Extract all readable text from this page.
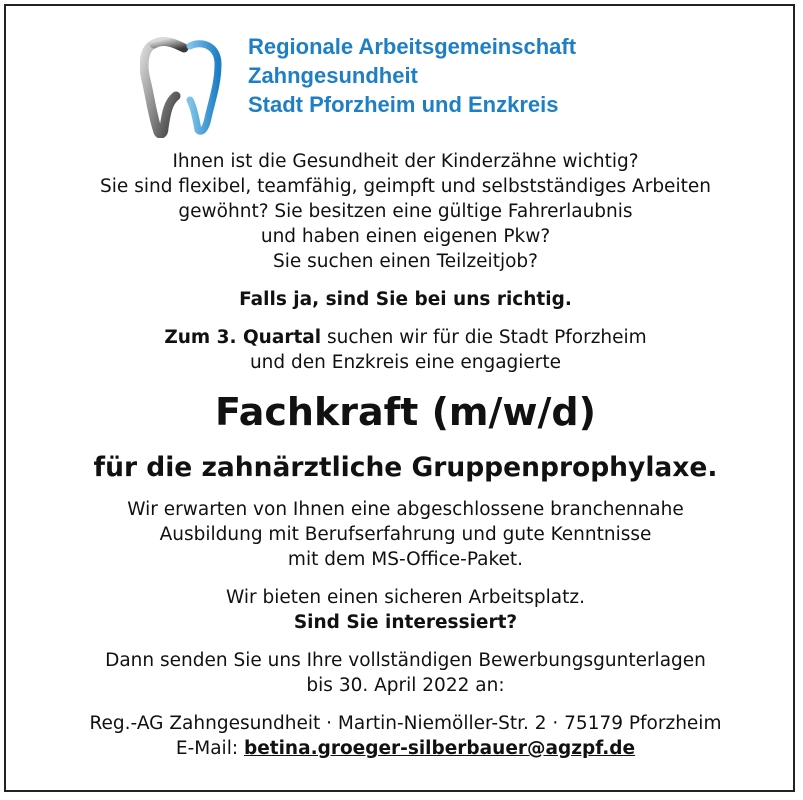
Regionale Arbeitsgemeinschaft
Zahngesundheit
Stadt Pforzheim und Enzkreis
Ihnen ist die Gesundheit der Kinderzähne wichtig?
Sie sind flexibel, teamfähig, geimpft und selbstständiges Arbeiten
gewöhnt? Sie besitzen eine gültige Fahrerlaubnis
und haben einen eigenen Pkw?
Sie suchen einen Teilzeitjob?
Falls ja, sind Sie bei uns richtig.
Zum 3. Quartal suchen wir für die Stadt Pforzheim
und den Enzkreis eine engagierte
Fachkraft (m/w/d)
für die zahnärztliche Gruppenprophylaxe.
Wir erwarten von Ihnen eine abgeschlossene branchennahe
Ausbildung mit Berufserfahrung und gute Kenntnisse
mit dem MS-Office-Paket.
Wir bieten einen sicheren Arbeitsplatz.
Sind Sie interessiert?
Dann senden Sie uns Ihre vollständigen Bewerbungsgunterlagen
bis 30. April 2022 an:
Reg.-AG Zahngesundheit · Martin-Niemöller-Str. 2 · 75179 Pforzheim
E-Mail: betina.groeger-silberbauer@agzpf.de
